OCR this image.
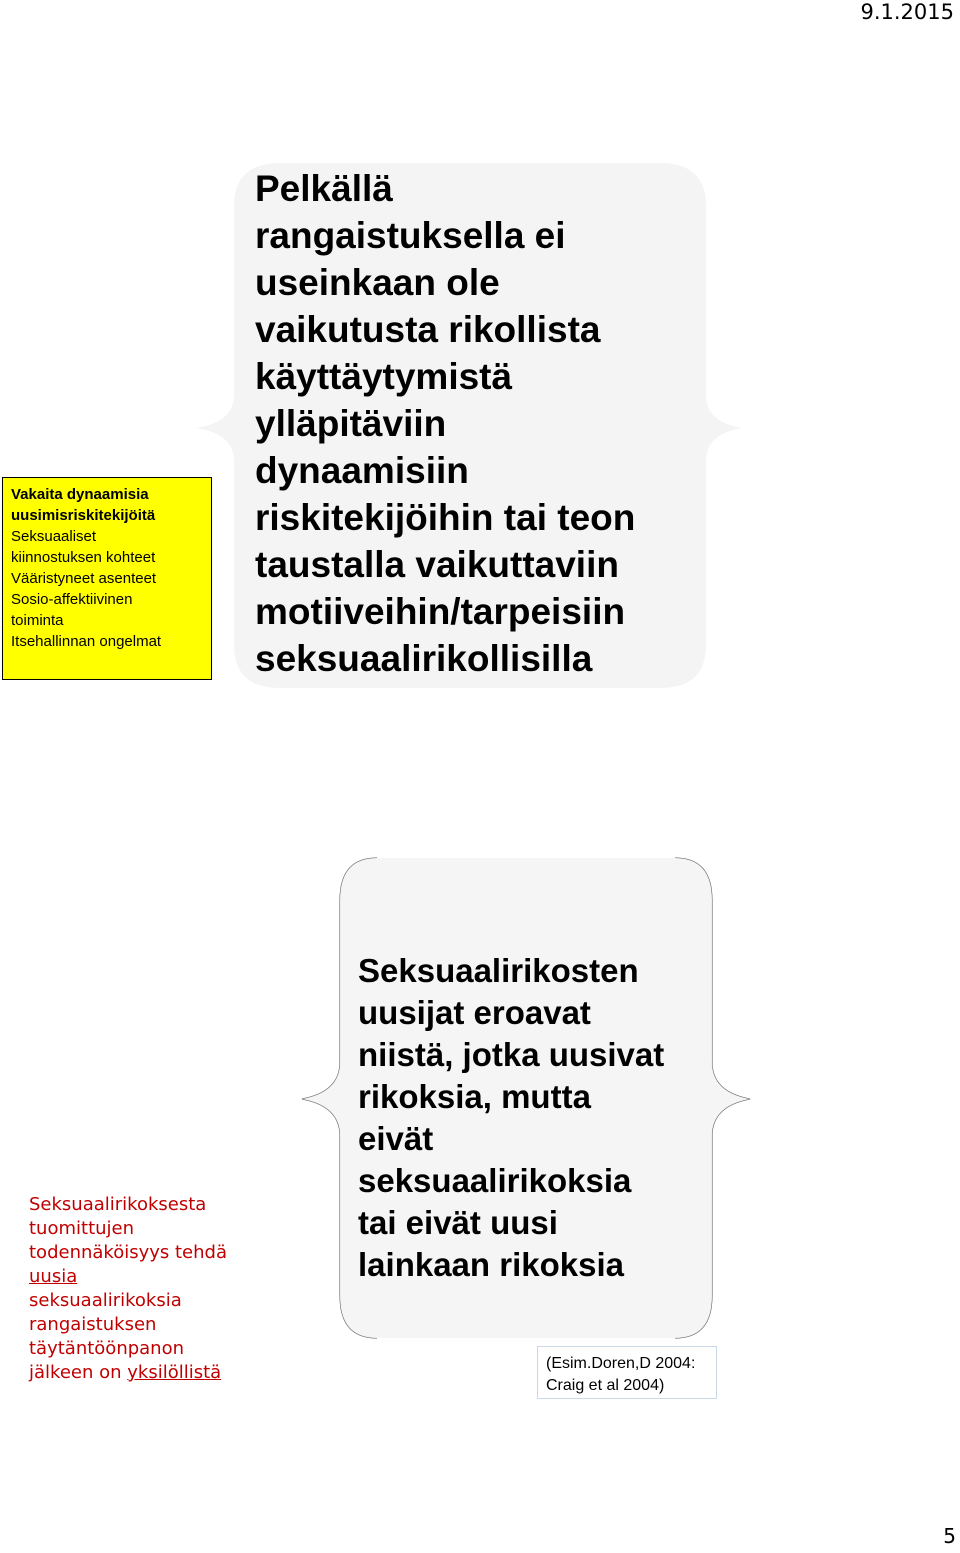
9.1.2015
Vakaita dynaamisia
uusimisriskitekijöitä
Seksuaaliset
kiinnostuksen kohteet
Vääristyneet asenteet
Sosio-affektiivinen
toiminta
Itsehallinnan ongelmat
Pelkällä
rangaistuksella ei
useinkaan ole
vaikutusta rikollista
käyttäytymistä
ylläpitäviin
dynaamisiin
riskitekijöihin tai teon
taustalla vaikuttaviin
motiiveihin/tarpeisiin
seksuaalirikollisilla
Seksuaalirikoksesta
tuomittujen
todennäköisyys tehdä
uusia
seksuaalirikoksia
rangaistuksen
täytäntöönpanon
jälkeen on yksilöllistä
Seksuaalirikosten
uusijat eroavat
niistä, jotka uusivat
rikoksia, mutta
eivät
seksuaalirikoksia
tai eivät uusi
lainkaan rikoksia
(Esim.Doren,D 2004:
Craig et al 2004)
5
